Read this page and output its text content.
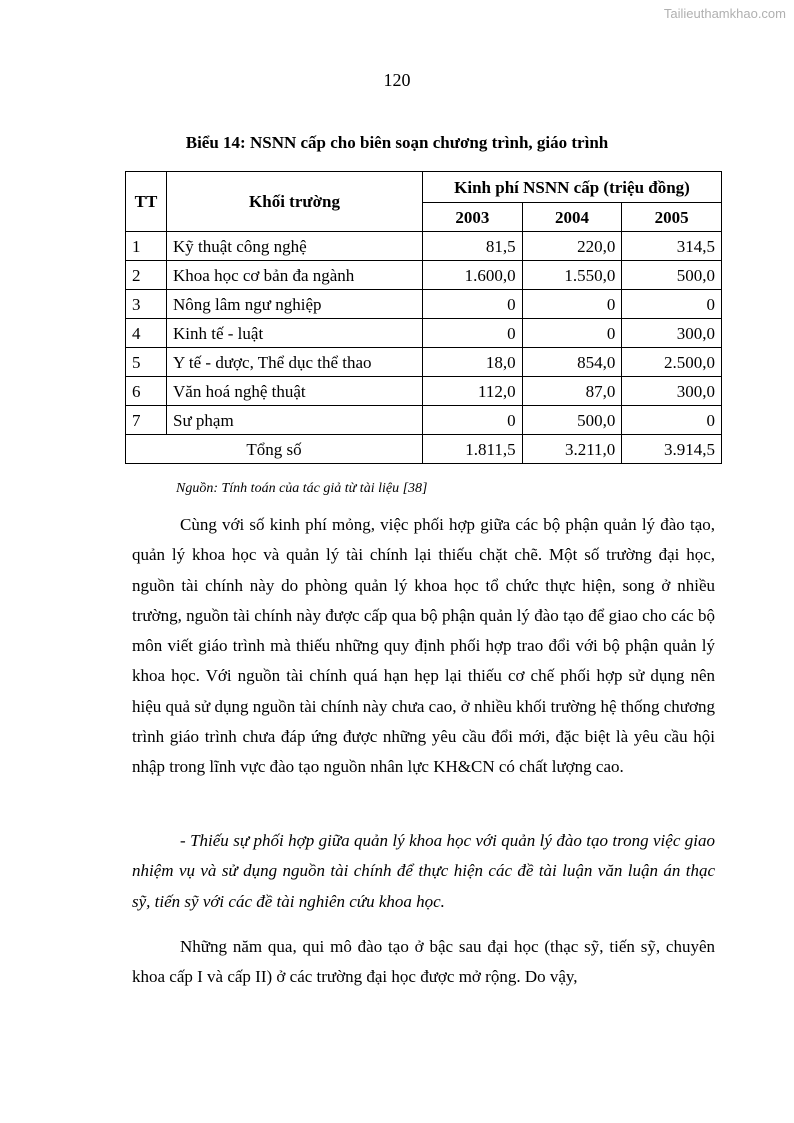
Tailieuthamkhao.com
120
Biểu 14: NSNN cấp cho biên soạn chương trình, giáo trình
TT	Khối trường	Kinh phí NSNN cấp (triệu đồng)		
		2003	2004	2005
1	Kỹ thuật công nghệ	81,5	220,0	314,5
2	Khoa học cơ bản đa ngành	1.600,0	1.550,0	500,0
3	Nông lâm ngư nghiệp	0	0	0
4	Kinh tế - luật	0	0	300,0
5	Y tế - dược, Thể dục thể thao	18,0	854,0	2.500,0
6	Văn hoá nghệ thuật	112,0	87,0	300,0
7	Sư phạm	0	500,0	0
Tổng số		1.811,5	3.211,0	3.914,5
Nguồn: Tính toán của tác giả từ tài liệu [38]

Cùng với số kinh phí mỏng, việc phối hợp giữa các bộ phận quản lý đào tạo, quản lý khoa học và quản lý tài chính lại thiếu chặt chẽ. Một số trường đại học, nguồn tài chính này do phòng quản lý khoa học tổ chức thực hiện, song ở nhiều trường, nguồn tài chính này được cấp qua bộ phận quản lý đào tạo để giao cho các bộ môn viết giáo trình mà thiếu những quy định phối hợp trao đổi với bộ phận quản lý khoa học. Với nguồn tài chính quá hạn hẹp lại thiếu cơ chế phối hợp sử dụng nên hiệu quả sử dụng nguồn tài chính này chưa cao, ở nhiều khối trường hệ thống chương trình giáo trình chưa đáp ứng được những yêu cầu đổi mới, đặc biệt là yêu cầu hội nhập trong lĩnh vực đào tạo nguồn nhân lực KH&CN có chất lượng cao.

- Thiếu sự phối hợp giữa quản lý khoa học với quản lý đào tạo trong việc giao nhiệm vụ và sử dụng nguồn tài chính để thực hiện các đề tài luận văn luận án thạc sỹ, tiến sỹ với các đề tài nghiên cứu khoa học.

Những năm qua, qui mô đào tạo ở bậc sau đại học (thạc sỹ, tiến sỹ, chuyên khoa cấp I và cấp II) ở các trường đại học được mở rộng. Do vậy,
